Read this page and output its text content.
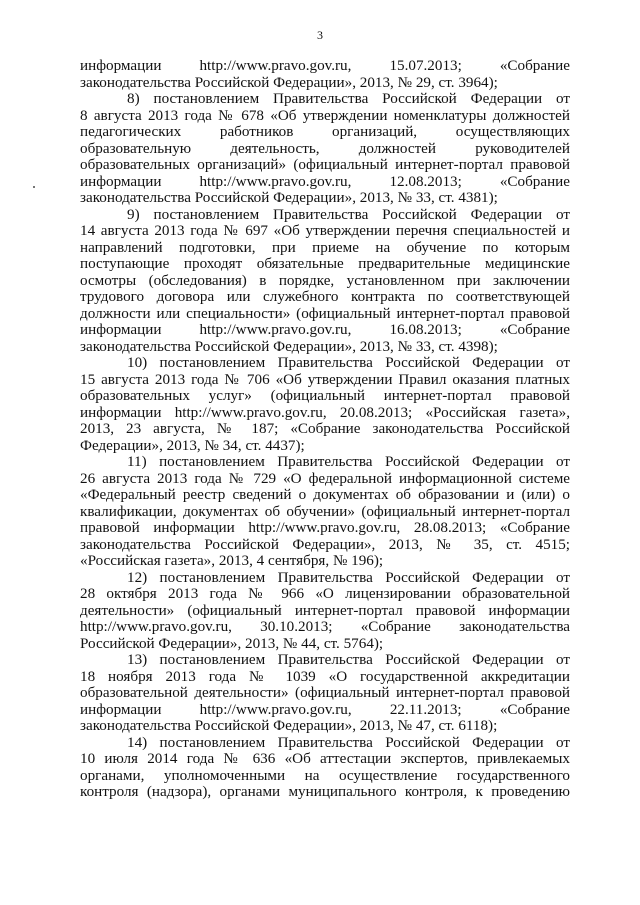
3
информации http://www.pravo.gov.ru, 15.07.2013; «Собрание
законодательства Российской Федерации», 2013, № 29, ст. 3964);
8) постановлением Правительства Российской Федерации от
8 августа 2013 года № 678 «Об утверждении номенклатуры должностей
педагогических работников организаций, осуществляющих
образовательную деятельность, должностей руководителей
образовательных организаций» (официальный интернет-портал правовой
информации http://www.pravo.gov.ru, 12.08.2013; «Собрание
законодательства Российской Федерации», 2013, № 33, ст. 4381);
9) постановлением Правительства Российской Федерации от
14 августа 2013 года № 697 «Об утверждении перечня специальностей и
направлений подготовки, при приеме на обучение по которым
поступающие проходят обязательные предварительные медицинские
осмотры (обследования) в порядке, установленном при заключении
трудового договора или служебного контракта по соответствующей
должности или специальности» (официальный интернет-портал правовой
информации http://www.pravo.gov.ru, 16.08.2013; «Собрание
законодательства Российской Федерации», 2013, № 33, ст. 4398);
10) постановлением Правительства Российской Федерации от
15 августа 2013 года № 706 «Об утверждении Правил оказания платных
образовательных услуг» (официальный интернет-портал правовой
информации http://www.pravo.gov.ru, 20.08.2013; «Российская газета»,
2013, 23 августа, № 187; «Собрание законодательства Российской
Федерации», 2013, № 34, ст. 4437);
11) постановлением Правительства Российской Федерации от
26 августа 2013 года № 729 «О федеральной информационной системе
«Федеральный реестр сведений о документах об образовании и (или) о
квалификации, документах об обучении» (официальный интернет-портал
правовой информации http://www.pravo.gov.ru, 28.08.2013; «Собрание
законодательства Российской Федерации», 2013, № 35, ст. 4515;
«Российская газета», 2013, 4 сентября, № 196);
12) постановлением Правительства Российской Федерации от
28 октября 2013 года № 966 «О лицензировании образовательной
деятельности» (официальный интернет-портал правовой информации
http://www.pravo.gov.ru, 30.10.2013; «Собрание законодательства
Российской Федерации», 2013, № 44, ст. 5764);
13) постановлением Правительства Российской Федерации от
18 ноября 2013 года № 1039 «О государственной аккредитации
образовательной деятельности» (официальный интернет-портал правовой
информации http://www.pravo.gov.ru, 22.11.2013; «Собрание
законодательства Российской Федерации», 2013, № 47, ст. 6118);
14) постановлением Правительства Российской Федерации от
10 июля 2014 года № 636 «Об аттестации экспертов, привлекаемых
органами, уполномоченными на осуществление государственного
контроля (надзора), органами муниципального контроля, к проведению
